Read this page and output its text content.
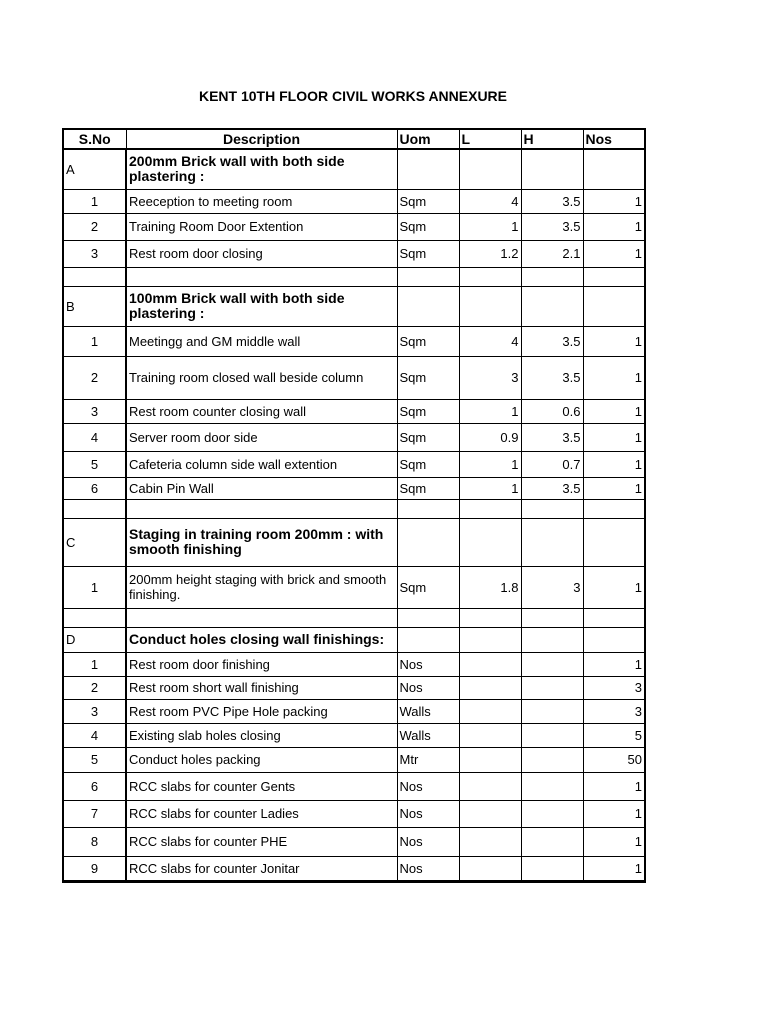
KENT 10TH FLOOR CIVIL WORKS ANNEXURE
S.No	Description	Uom	L	H	Nos
A	200mm Brick wall with both side plastering :				
1	Reeception to meeting room	Sqm	4	3.5	1
2	Training Room Door Extention	Sqm	1	3.5	1
3	Rest room door closing	Sqm	1.2	2.1	1

B	100mm Brick wall with both side plastering :				
1	Meetingg and GM middle wall	Sqm	4	3.5	1
2	Training room closed wall beside column	Sqm	3	3.5	1
3	Rest room counter closing wall	Sqm	1	0.6	1
4	Server room door side	Sqm	0.9	3.5	1
5	Cafeteria column side wall extention	Sqm	1	0.7	1
6	Cabin Pin Wall	Sqm	1	3.5	1

C	Staging in training room 200mm : with smooth finishing				
1	200mm height staging with brick and smooth finishing.	Sqm	1.8	3	1

D	Conduct holes closing wall finishings:				
1	Rest room door finishing	Nos			1
2	Rest room short wall finishing	Nos			3
3	Rest room PVC Pipe Hole packing	Walls			3
4	Existing slab holes closing	Walls			5
5	Conduct holes packing	Mtr			50
6	RCC slabs for counter Gents	Nos			1
7	RCC slabs for counter Ladies	Nos			1
8	RCC slabs for counter PHE	Nos			1
9	RCC slabs for counter Jonitar	Nos			1
